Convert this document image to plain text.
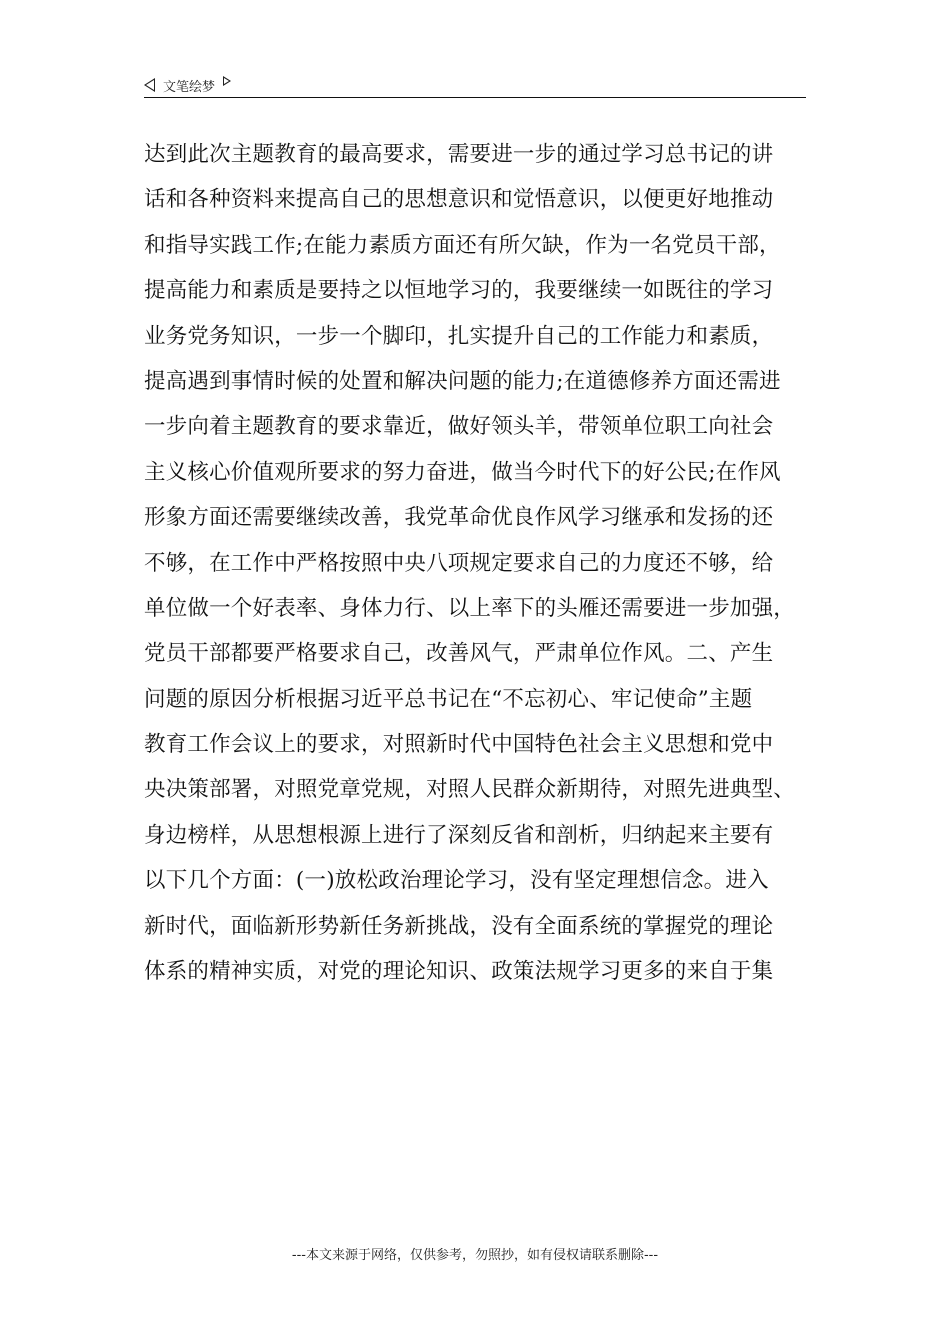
文笔绘梦
达到此次主题教育的最高要求，需要进一步的通过学习总书记的讲
话和各种资料来提高自己的思想意识和觉悟意识，以便更好地推动
和指导实践工作;在能力素质方面还有所欠缺，作为一名党员干部，
提高能力和素质是要持之以恒地学习的，我要继续一如既往的学习
业务党务知识，一步一个脚印，扎实提升自己的工作能力和素质，
提高遇到事情时候的处置和解决问题的能力;在道德修养方面还需进
一步向着主题教育的要求靠近，做好领头羊，带领单位职工向社会
主义核心价值观所要求的努力奋进，做当今时代下的好公民;在作风
形象方面还需要继续改善，我党革命优良作风学习继承和发扬的还
不够，在工作中严格按照中央八项规定要求自己的力度还不够，给
单位做一个好表率、身体力行、以上率下的头雁还需要进一步加强，
党员干部都要严格要求自己，改善风气，严肃单位作风。二、产生
问题的原因分析根据习近平总书记在“不忘初心、牢记使命”主题
教育工作会议上的要求，对照新时代中国特色社会主义思想和党中
央决策部署，对照党章党规，对照人民群众新期待，对照先进典型、
身边榜样，从思想根源上进行了深刻反省和剖析，归纳起来主要有
以下几个方面：(一)放松政治理论学习，没有坚定理想信念。进入
新时代，面临新形势新任务新挑战，没有全面系统的掌握党的理论
体系的精神实质，对党的理论知识、政策法规学习更多的来自于集
---本文来源于网络，仅供参考，勿照抄，如有侵权请联系删除---
